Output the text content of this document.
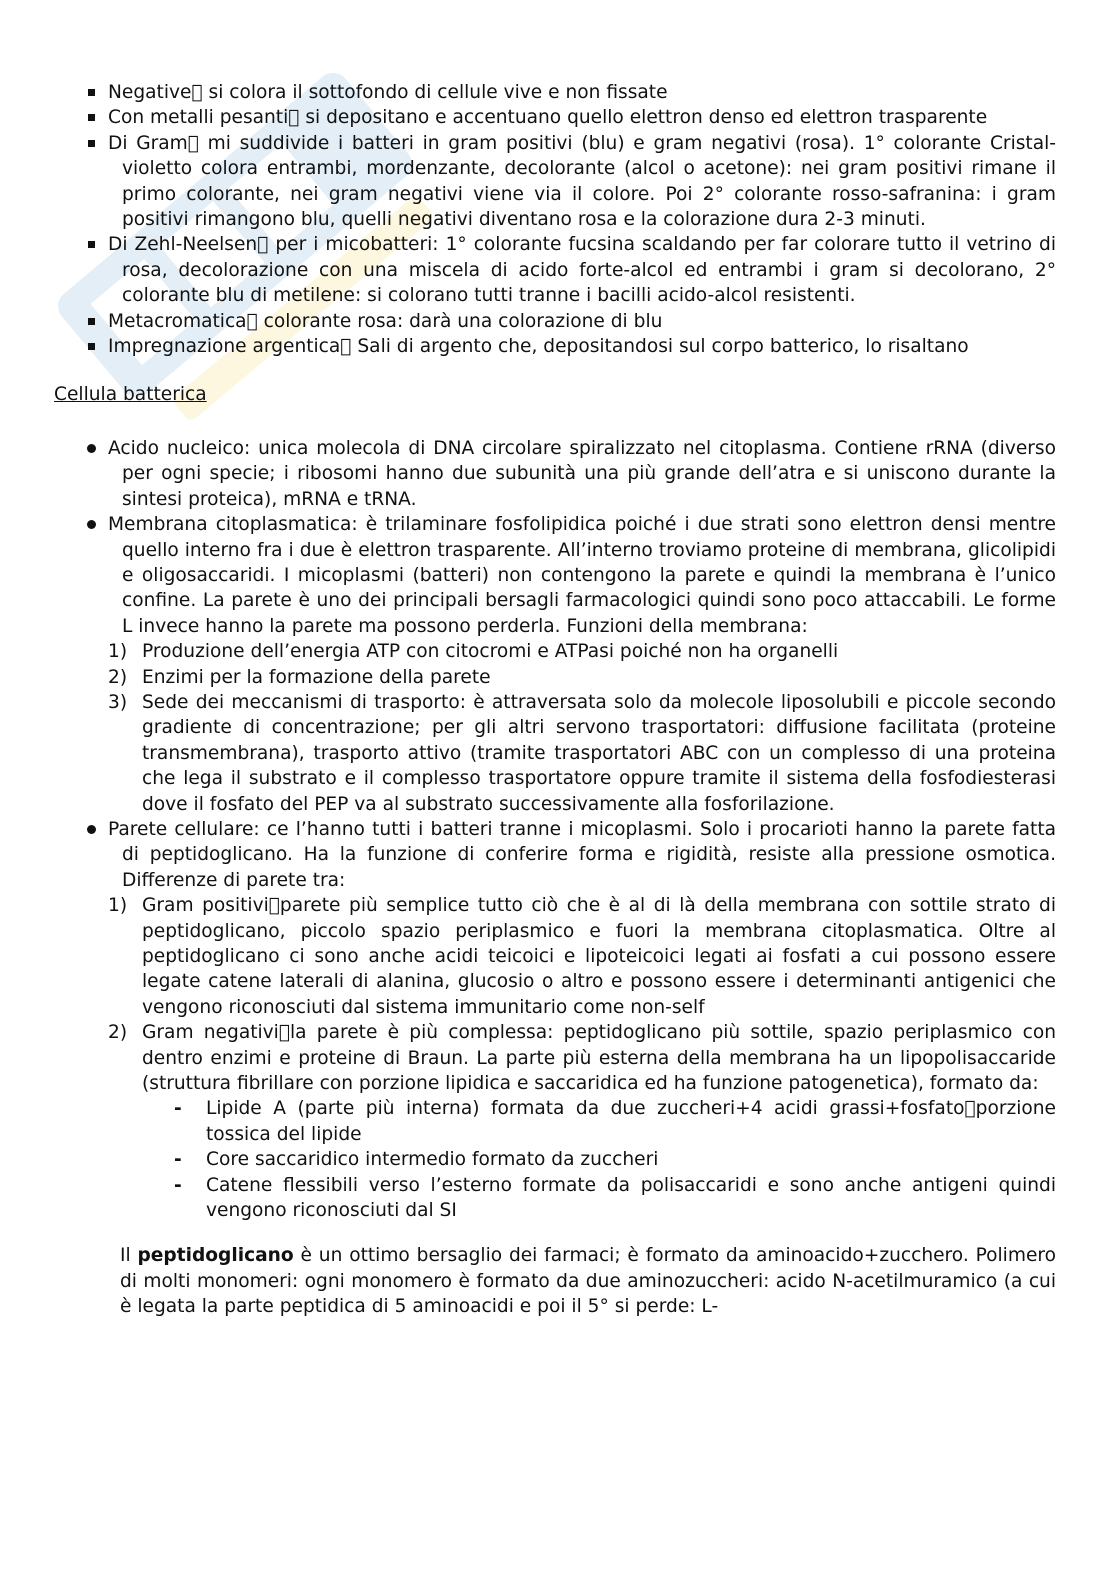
Negative si colora il sottofondo di cellule vive e non fissate
Con metalli pesanti si depositano e accentuano quello elettron denso ed elettron trasparente
Di Gram mi suddivide i batteri in gram positivi (blu) e gram negativi (rosa). 1° colorante Cristal-violetto colora entrambi, mordenzante, decolorante (alcol o acetone): nei gram positivi rimane il primo colorante, nei gram negativi viene via il colore. Poi 2° colorante rosso-safranina: i gram positivi rimangono blu, quelli negativi diventano rosa e la colorazione dura 2-3 minuti.
Di Zehl-Neelsen per i micobatteri: 1° colorante fucsina scaldando per far colorare tutto il vetrino di rosa, decolorazione con una miscela di acido forte-alcol ed entrambi i gram si decolorano, 2° colorante blu di metilene: si colorano tutti tranne i bacilli acido-alcol resistenti.
Metacromatica colorante rosa: darà una colorazione di blu
Impregnazione argentica Sali di argento che, depositandosi sul corpo batterico, lo risaltano

Cellula batterica

Acido nucleico: unica molecola di DNA circolare spiralizzato nel citoplasma. Contiene rRNA (diverso per ogni specie; i ribosomi hanno due subunità una più grande dell’atra e si uniscono durante la sintesi proteica), mRNA e tRNA.
Membrana citoplasmatica: è trilaminare fosfolipidica poiché i due strati sono elettron densi mentre quello interno fra i due è elettron trasparente. All’interno troviamo proteine di membrana, glicolipidi e oligosaccaridi. I micoplasmi (batteri) non contengono la parete e quindi la membrana è l’unico confine. La parete è uno dei principali bersagli farmacologici quindi sono poco attaccabili. Le forme L invece hanno la parete ma possono perderla. Funzioni della membrana:
1) Produzione dell’energia ATP con citocromi e ATPasi poiché non ha organelli
2) Enzimi per la formazione della parete
3) Sede dei meccanismi di trasporto: è attraversata solo da molecole liposolubili e piccole secondo gradiente di concentrazione; per gli altri servono trasportatori: diffusione facilitata (proteine transmembrana), trasporto attivo (tramite trasportatori ABC con un complesso di una proteina che lega il substrato e il complesso trasportatore oppure tramite il sistema della fosfodiesterasi dove il fosfato del PEP va al substrato successivamente alla fosforilazione.
Parete cellulare: ce l’hanno tutti i batteri tranne i micoplasmi. Solo i procarioti hanno la parete fatta di peptidoglicano. Ha la funzione di conferire forma e rigidità, resiste alla pressione osmotica. Differenze di parete tra:
1) Gram positivi parete più semplice tutto ciò che è al di là della membrana con sottile strato di peptidoglicano, piccolo spazio periplasmico e fuori la membrana citoplasmatica. Oltre al peptidoglicano ci sono anche acidi teicoici e lipoteicoici legati ai fosfati a cui possono essere legate catene laterali di alanina, glucosio o altro e possono essere i determinanti antigenici che vengono riconosciuti dal sistema immunitario come non-self
2) Gram negativi la parete è più complessa: peptidoglicano più sottile, spazio periplasmico con dentro enzimi e proteine di Braun. La parte più esterna della membrana ha un lipopolisaccaride (struttura fibrillare con porzione lipidica e saccaridica ed ha funzione patogenetica), formato da:
- Lipide A (parte più interna) formata da due zuccheri+4 acidi grassi+fosfato porzione tossica del lipide
- Core saccaridico intermedio formato da zuccheri
- Catene flessibili verso l’esterno formate da polisaccaridi e sono anche antigeni quindi vengono riconosciuti dal SI

Il peptidoglicano è un ottimo bersaglio dei farmaci; è formato da aminoacido+zucchero. Polimero di molti monomeri: ogni monomero è formato da due aminozuccheri: acido N-acetilmuramico (a cui è legata la parte peptidica di 5 aminoacidi e poi il 5° si perde: L-
